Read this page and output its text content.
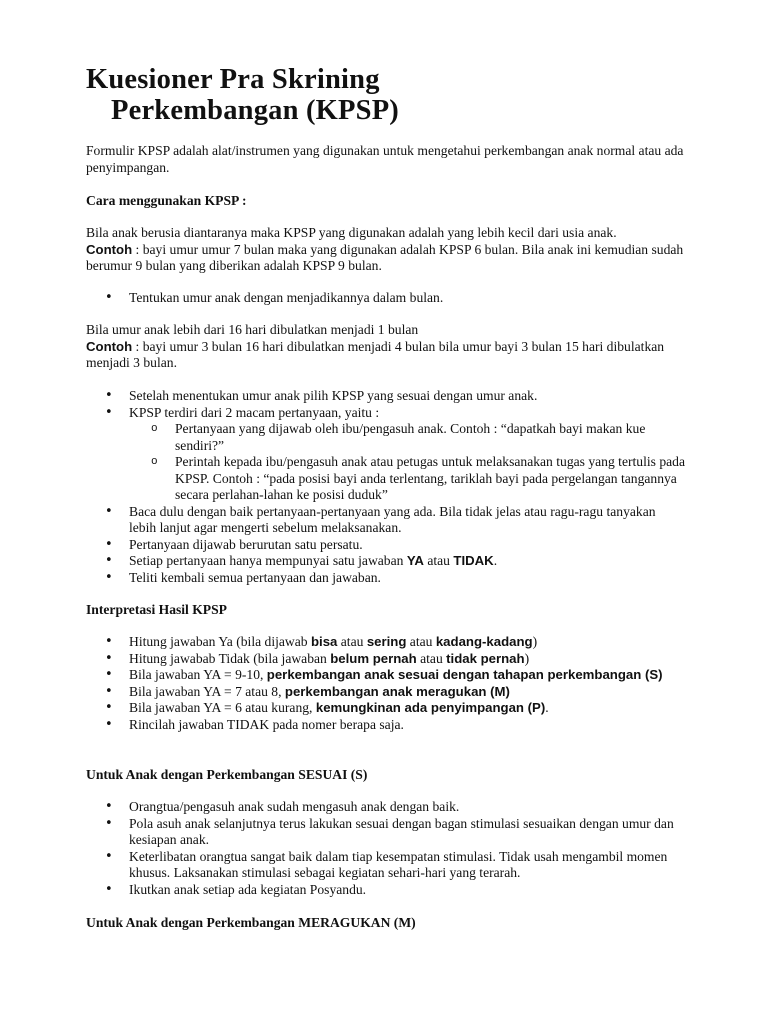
Kuesioner Pra Skrining
Perkembangan (KPSP)
Formulir KPSP adalah alat/instrumen yang digunakan untuk mengetahui perkembangan anak normal atau ada penyimpangan.
Cara menggunakan KPSP :
Bila anak berusia diantaranya maka KPSP yang digunakan adalah yang lebih kecil dari usia anak.
Contoh : bayi umur umur 7 bulan maka yang digunakan adalah KPSP 6 bulan. Bila anak ini kemudian sudah berumur 9 bulan yang diberikan adalah KPSP 9 bulan.
• Tentukan umur anak dengan menjadikannya dalam bulan.
Bila umur anak lebih dari 16 hari dibulatkan menjadi 1 bulan
Contoh : bayi umur 3 bulan 16 hari dibulatkan menjadi 4 bulan bila umur bayi 3 bulan 15 hari dibulatkan menjadi 3 bulan.
• Setelah menentukan umur anak pilih KPSP yang sesuai dengan umur anak.
• KPSP terdiri dari 2 macam pertanyaan, yaitu :
o Pertanyaan yang dijawab oleh ibu/pengasuh anak. Contoh : “dapatkah bayi makan kue sendiri?”
o Perintah kepada ibu/pengasuh anak atau petugas untuk melaksanakan tugas yang tertulis pada KPSP. Contoh : “pada posisi bayi anda terlentang, tariklah bayi pada pergelangan tangannya secara perlahan-lahan ke posisi duduk”
• Baca dulu dengan baik pertanyaan-pertanyaan yang ada. Bila tidak jelas atau ragu-ragu tanyakan lebih lanjut agar mengerti sebelum melaksanakan.
• Pertanyaan dijawab berurutan satu persatu.
• Setiap pertanyaan hanya mempunyai satu jawaban YA atau TIDAK.
• Teliti kembali semua pertanyaan dan jawaban.
Interpretasi Hasil KPSP
• Hitung jawaban Ya (bila dijawab bisa atau sering atau kadang-kadang)
• Hitung jawabab Tidak (bila jawaban belum pernah atau tidak pernah)
• Bila jawaban YA = 9-10, perkembangan anak sesuai dengan tahapan perkembangan (S)
• Bila jawaban YA = 7 atau 8, perkembangan anak meragukan (M)
• Bila jawaban YA = 6 atau kurang, kemungkinan ada penyimpangan (P).
• Rincilah jawaban TIDAK pada nomer berapa saja.
Untuk Anak dengan Perkembangan SESUAI (S)
• Orangtua/pengasuh anak sudah mengasuh anak dengan baik.
• Pola asuh anak selanjutnya terus lakukan sesuai dengan bagan stimulasi sesuaikan dengan umur dan kesiapan anak.
• Keterlibatan orangtua sangat baik dalam tiap kesempatan stimulasi. Tidak usah mengambil momen khusus. Laksanakan stimulasi sebagai kegiatan sehari-hari yang terarah.
• Ikutkan anak setiap ada kegiatan Posyandu.
Untuk Anak dengan Perkembangan MERAGUKAN (M)
